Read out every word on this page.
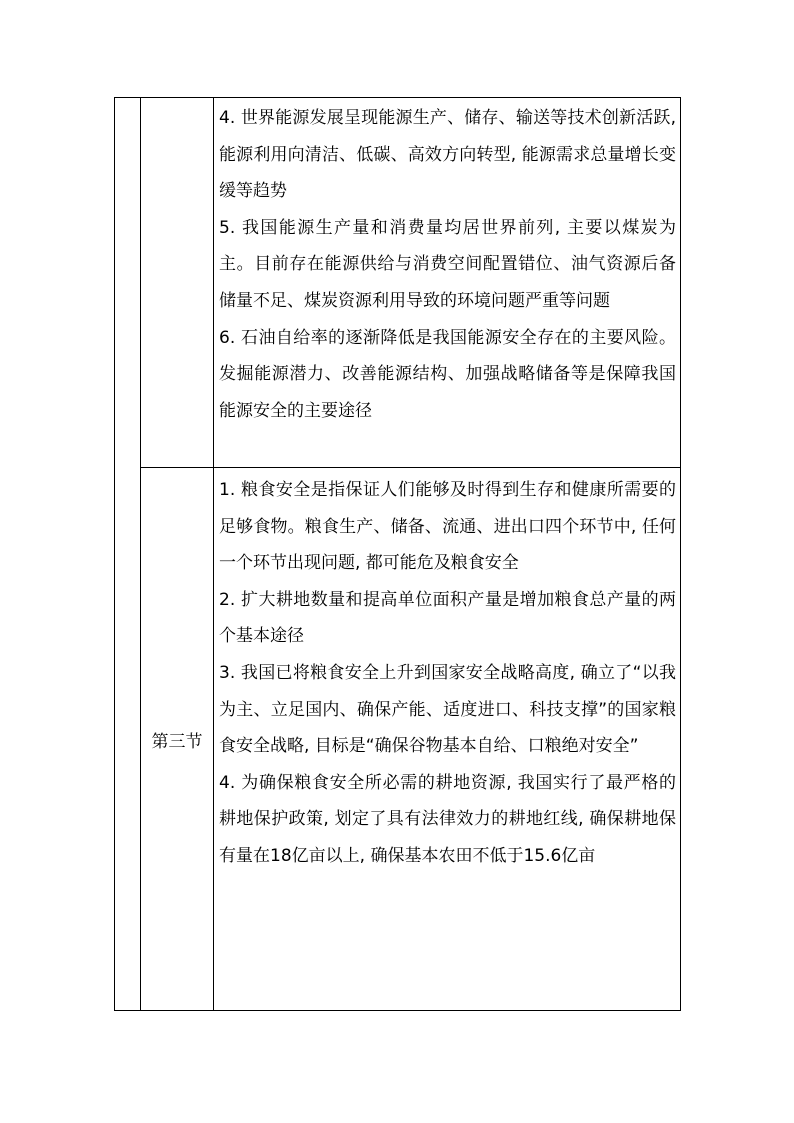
4. 世界能源发展呈现能源生产、储存、输送等技术创新活跃, 能源利用向清洁、低碳、高效方向转型, 能源需求总量增长变缓等趋势

5. 我国能源生产量和消费量均居世界前列, 主要以煤炭为主。目前存在能源供给与消费空间配置错位、油气资源后备储量不足、煤炭资源利用导致的环境问题严重等问题

6. 石油自给率的逐渐降低是我国能源安全存在的主要风险。发掘能源潜力、改善能源结构、加强战略储备等是保障我国能源安全的主要途径

第三节

1. 粮食安全是指保证人们能够及时得到生存和健康所需要的足够食物。粮食生产、储备、流通、进出口四个环节中, 任何一个环节出现问题, 都可能危及粮食安全

2. 扩大耕地数量和提高单位面积产量是增加粮食总产量的两个基本途径

3. 我国已将粮食安全上升到国家安全战略高度, 确立了“以我为主、立足国内、确保产能、适度进口、科技支撑”的国家粮食安全战略, 目标是“确保谷物基本自给、口粮绝对安全”

4. 为确保粮食安全所必需的耕地资源, 我国实行了最严格的耕地保护政策, 划定了具有法律效力的耕地红线, 确保耕地保有量在18亿亩以上, 确保基本农田不低于15.6亿亩
